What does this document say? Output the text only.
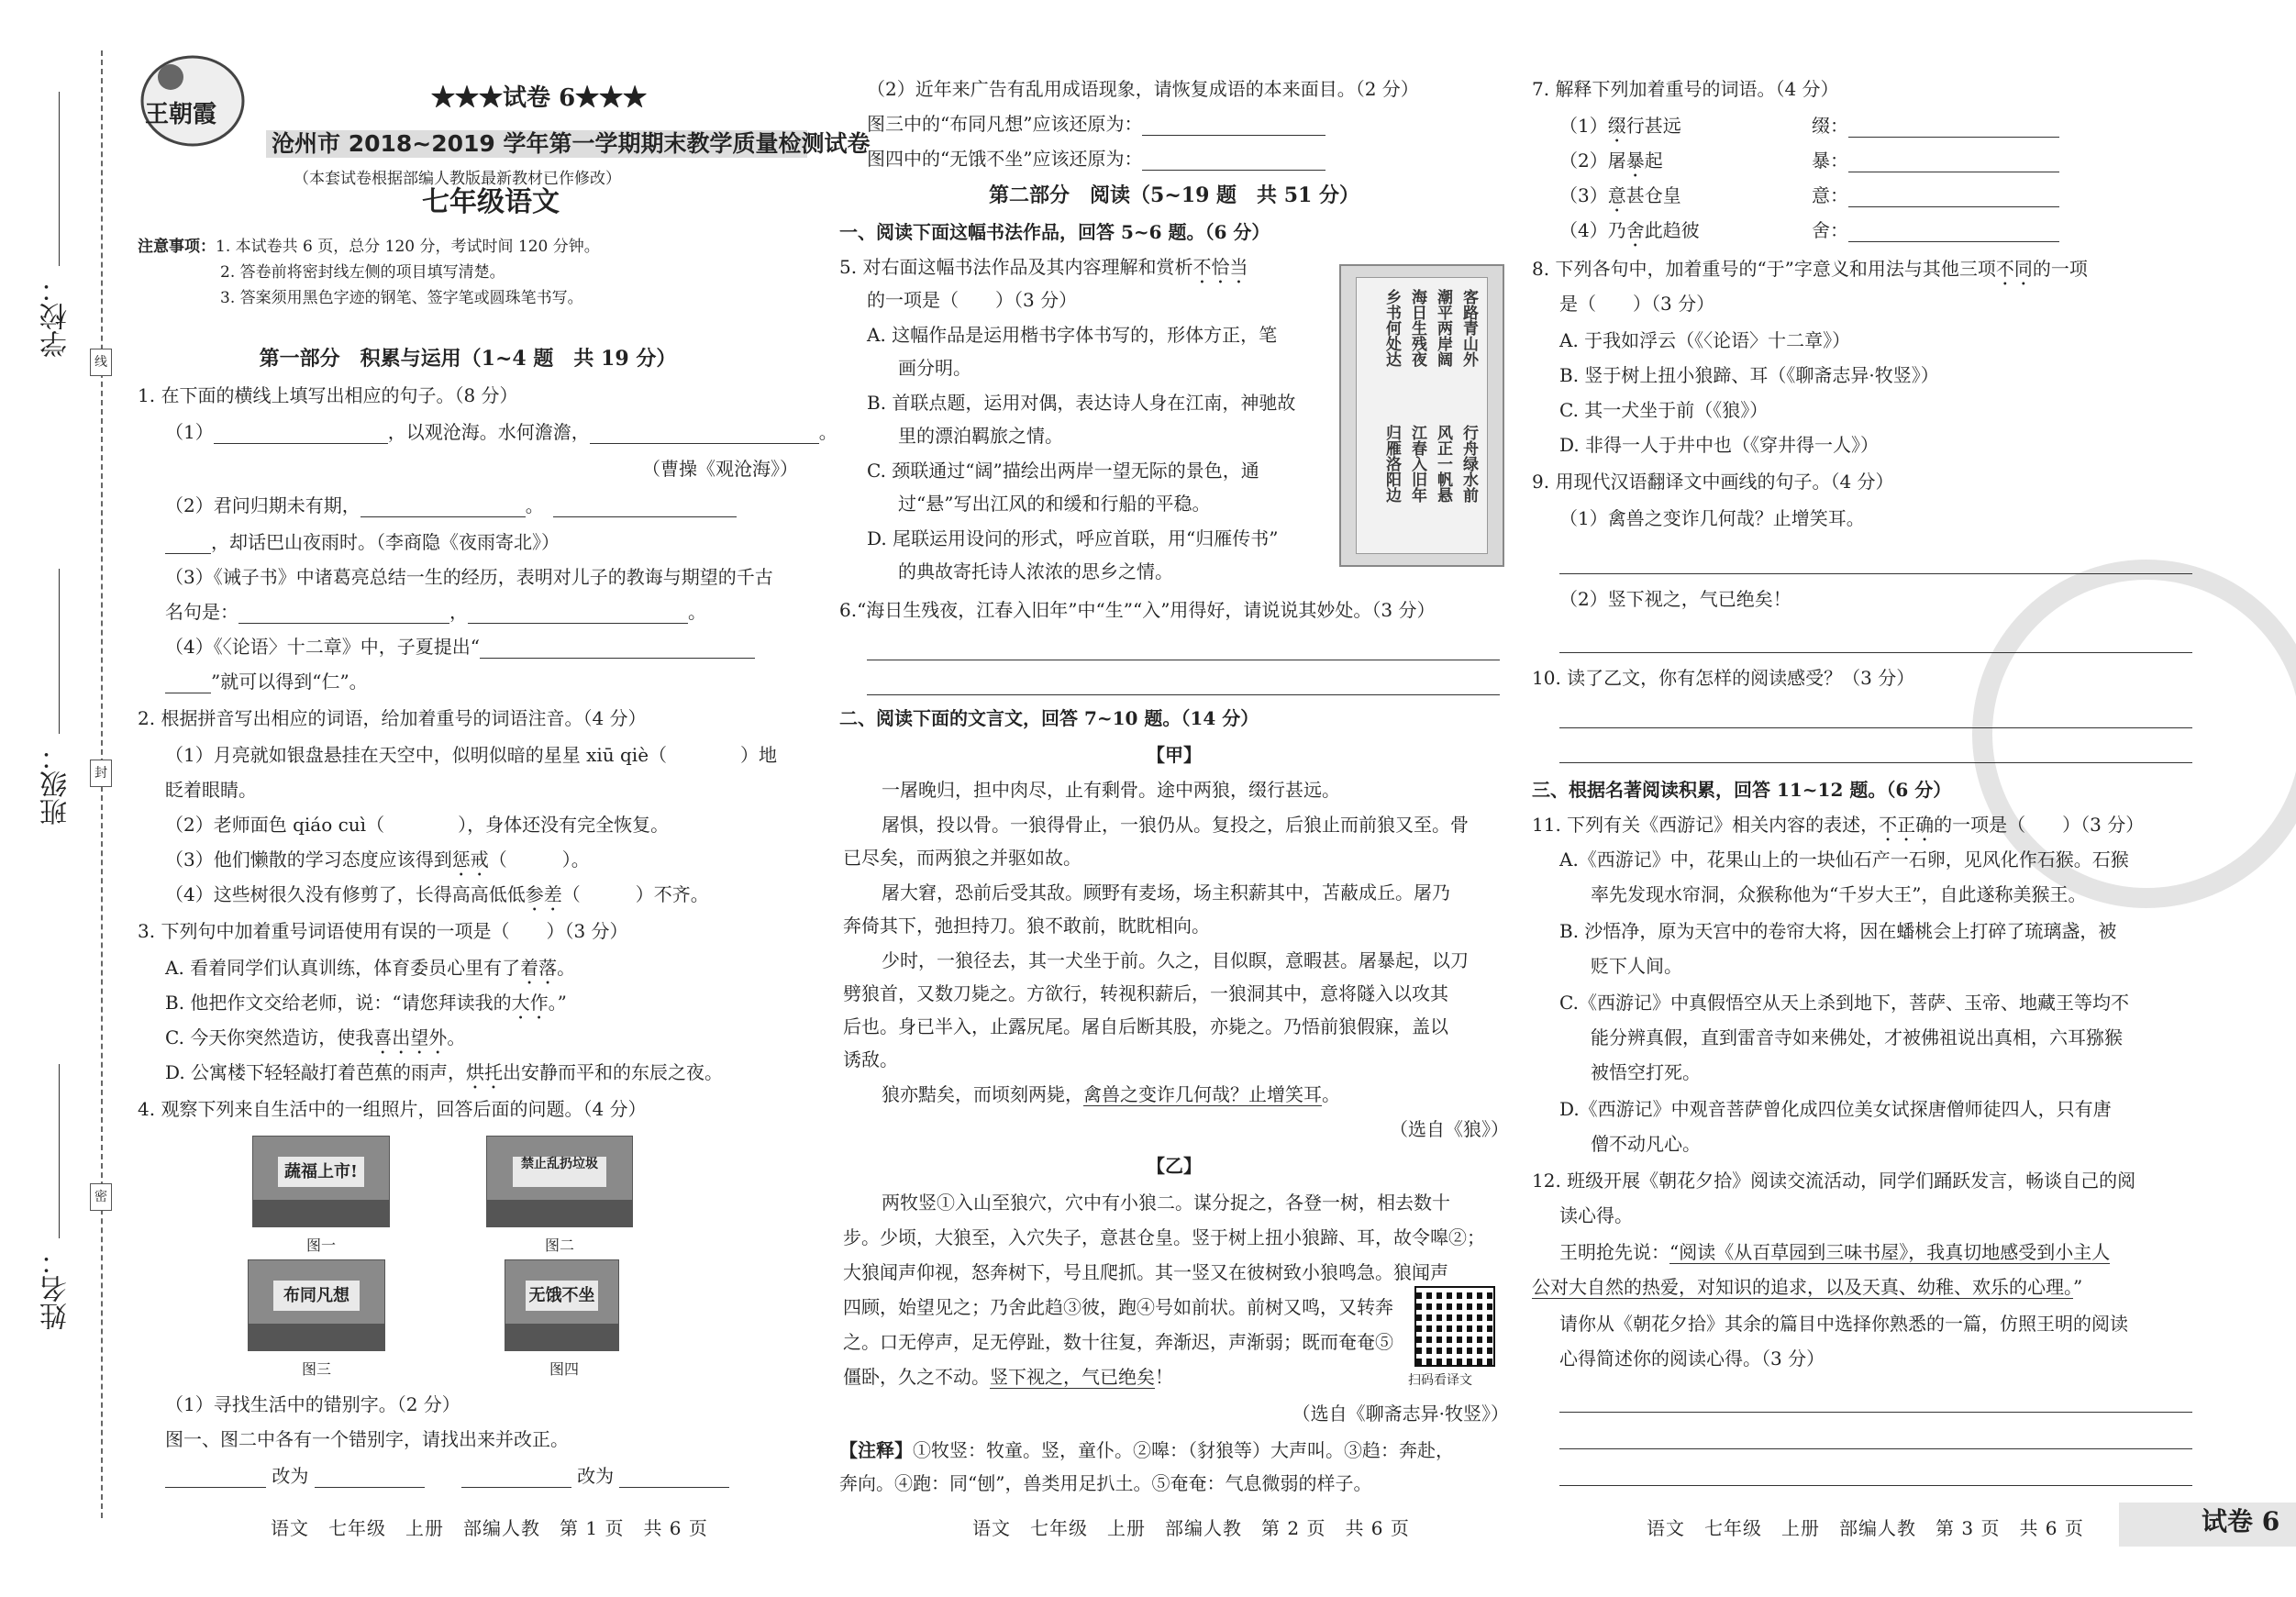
学校：
班级：
姓名：
线
封
密
王朝霞
★★★试卷 6★★★
沧州市 2018~2019 学年第一学期期末教学质量检测试卷
（本套试卷根据部编人教版最新教材已作修改）
七年级语文
注意事项：1. 本试卷共 6 页，总分 120 分，考试时间 120 分钟。
2. 答卷前将密封线左侧的项目填写清楚。
3. 答案须用黑色字迹的钢笔、签字笔或圆珠笔书写。
第一部分　积累与运用（1~4 题　共 19 分）
1. 在下面的横线上填写出相应的句子。（8 分）
（1）	，以观沧海。水何澹澹，	。
（曹操《观沧海》）
（2）君问归期未有期，	。　
，却话巴山夜雨时。（李商隐《夜雨寄北》）
（3）《诫子书》中诸葛亮总结一生的经历，表明对儿子的教诲与期望的千古
名句是：	，	。
（4）《〈论语〉十二章》中，子夏提出“
”就可以得到“仁”。
2. 根据拼音写出相应的词语，给加着重号的词语注音。（4 分）
（1）月亮就如银盘悬挂在天空中，似明似暗的星星 xiū qiè（　　　　	）地
眨着眼睛。
（2）老师面色 qiáo cuì（　　　　	），身体还没有完全恢复。
（3）他们懒散的学习态度应该得到惩戒（　　　	）。
（4）这些树很久没有修剪了，长得高高低低参差（　　　	）不齐。
3. 下列句中加着重号词语使用有误的一项是（　　）（3 分）
A. 看着同学们认真训练，体育委员心里有了着落。
B. 他把作文交给老师，说：“请您拜读我的大作。”
C. 今天你突然造访，使我喜出望外。
D. 公寓楼下轻轻敲打着芭蕉的雨声，烘托出安静而平和的东辰之夜。
4. 观察下列来自生活中的一组照片，回答后面的问题。（4 分）
蔬福上市!
图一
禁止乱扔垃圾
图二
布同凡想
图三
无饿不坐
图四
（1）寻找生活中的错别字。（2 分）
图一、图二中各有一个错别字，请找出来并改正。
改为 　　	改为
语文　七年级　上册　部编人教　第 1 页　共 6 页
（2）近年来广告有乱用成语现象，请恢复成语的本来面目。（2 分）
图三中的“布同凡想”应该还原为：
图四中的“无饿不坐”应该还原为：
第二部分　阅读（5~19 题　共 51 分）
一、阅读下面这幅书法作品，回答 5~6 题。（6 分）
5. 对右面这幅书法作品及其内容理解和赏析不恰当
的一项是（　　）（3 分）
A. 这幅作品是运用楷书字体书写的，形体方正，笔
画分明。
B. 首联点题，运用对偶，表达诗人身在江南，神驰故
里的漂泊羁旅之情。
C. 颈联通过“阔”描绘出两岸一望无际的景色，通
过“悬”写出江风的和缓和行船的平稳。
D. 尾联运用设问的形式，呼应首联，用“归雁传书”
的典故寄托诗人浓浓的思乡之情。
6.“海日生残夜，江春入旧年”中“生”“入”用得好，请说说其妙处。（3 分）
二、阅读下面的文言文，回答 7~10 题。（14 分）
【甲】
一屠晚归，担中肉尽，止有剩骨。途中两狼，缀行甚远。
屠惧，投以骨。一狼得骨止，一狼仍从。复投之，后狼止而前狼又至。骨
已尽矣，而两狼之并驱如故。
屠大窘，恐前后受其敌。顾野有麦场，场主积薪其中，苫蔽成丘。屠乃
奔倚其下，弛担持刀。狼不敢前，眈眈相向。
少时，一狼径去，其一犬坐于前。久之，目似瞑，意暇甚。屠暴起，以刀
劈狼首，又数刀毙之。方欲行，转视积薪后，一狼洞其中，意将隧入以攻其
后也。身已半入，止露尻尾。屠自后断其股，亦毙之。乃悟前狼假寐，盖以
诱敌。
狼亦黠矣，而顷刻两毙，禽兽之变诈几何哉？止增笑耳。
（选自《狼》）
【乙】
两牧竖①入山至狼穴，穴中有小狼二。谋分捉之，各登一树，相去数十
步。少顷，大狼至，入穴失子，意甚仓皇。竖于树上扭小狼蹄、耳，故令嗥②；
大狼闻声仰视，怒奔树下，号且爬抓。其一竖又在彼树致小狼鸣急。狼闻声
四顾，始望见之；乃舍此趋③彼，跑④号如前状。前树又鸣，又转奔
之。口无停声，足无停趾，数十往复，奔渐迟，声渐弱；既而奄奄⑤
僵卧，久之不动。竖下视之，气已绝矣！	扫码看译文
（选自《聊斋志异·牧竖》）
【注释】①牧竖：牧童。竖，童仆。②嗥：（豺狼等）大声叫。③趋：奔赴，
奔向。④跑：同“刨”，兽类用足扒土。⑤奄奄：气息微弱的样子。
语文　七年级　上册　部编人教　第 2 页　共 6 页
客路青山外
潮平两岸阔
海日生残夜
乡书何处达
行舟绿水前
风正一帆悬
江春入旧年
归雁洛阳边
7. 解释下列加着重号的词语。（4 分）
（1）缀行甚远	缀：
（2）屠暴起	暴：
（3）意甚仓皇	意：
（4）乃舍此趋彼	舍：
8. 下列各句中，加着重号的“于”字意义和用法与其他三项不同的一项
是（　　）（3 分）
A. 于我如浮云（《〈论语〉十二章》）
B. 竖于树上扭小狼蹄、耳（《聊斋志异·牧竖》）
C. 其一犬坐于前（《狼》）
D. 非得一人于井中也（《穿井得一人》）
9. 用现代汉语翻译文中画线的句子。（4 分）
（1）禽兽之变诈几何哉？止增笑耳。
（2）竖下视之，气已绝矣！
10. 读了乙文，你有怎样的阅读感受？（3 分）
三、根据名著阅读积累，回答 11~12 题。（6 分）
11. 下列有关《西游记》相关内容的表述，不正确的一项是（　　）（3 分）
A.《西游记》中，花果山上的一块仙石产一石卵，见风化作石猴。石猴
率先发现水帘洞，众猴称他为“千岁大王”，自此遂称美猴王。
B. 沙悟净，原为天宫中的卷帘大将，因在蟠桃会上打碎了琉璃盏，被
贬下人间。
C.《西游记》中真假悟空从天上杀到地下，菩萨、玉帝、地藏王等均不
能分辨真假，直到雷音寺如来佛处，才被佛祖说出真相，六耳猕猴
被悟空打死。
D.《西游记》中观音菩萨曾化成四位美女试探唐僧师徒四人，只有唐
僧不动凡心。
12. 班级开展《朝花夕拾》阅读交流活动，同学们踊跃发言，畅谈自己的阅
读心得。
王明抢先说：“阅读《从百草园到三味书屋》，我真切地感受到小主人
公对大自然的热爱，对知识的追求，以及天真、幼稚、欢乐的心理。”
请你从《朝花夕拾》其余的篇目中选择你熟悉的一篇，仿照王明的阅读
心得简述你的阅读心得。（3 分）
语文　七年级　上册　部编人教　第 3 页　共 6 页	试卷 6
